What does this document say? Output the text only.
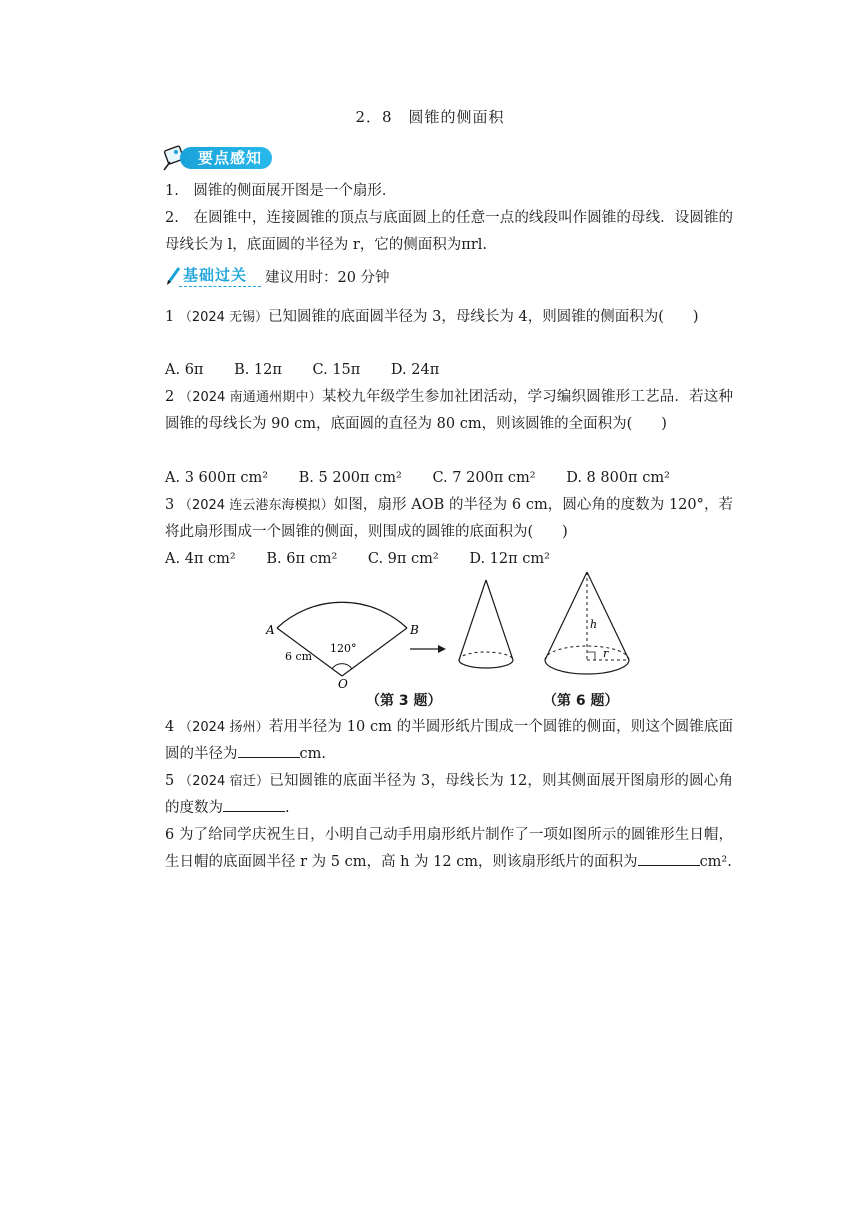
2．8　圆锥的侧面积
要点感知
1.　圆锥的侧面展开图是一个扇形．
2.　在圆锥中，连接圆锥的顶点与底面圆上的任意一点的线段叫作圆锥的母线．设圆锥的母线长为 l，底面圆的半径为 r，它的侧面积为πrl.
基础过关 建议用时：20 分钟
1 （2024 无锡）已知圆锥的底面圆半径为 3，母线长为 4，则圆锥的侧面积为(　　)
A. 6π B. 12π C. 15π D. 24π
2 （2024 南通通州期中）某校九年级学生参加社团活动，学习编织圆锥形工艺品．若这种圆锥的母线长为 90 cm，底面圆的直径为 80 cm，则该圆锥的全面积为(　　)
A. 3 600π cm² B. 5 200π cm² C. 7 200π cm² D. 8 800π cm²
3 （2024 连云港东海模拟）如图，扇形 AOB 的半径为 6 cm，圆心角的度数为 120°，若将此扇形围成一个圆锥的侧面，则围成的圆锥的底面积为(　　)
A. 4π cm² B. 6π cm² C. 9π cm² D. 12π cm²
A	B
O
120°
6 cm
h
r
（第 3 题）	（第 6 题）
4 （2024 扬州）若用半径为 10 cm 的半圆形纸片围成一个圆锥的侧面，则这个圆锥底面圆的半径为	cm.
5 （2024 宿迁）已知圆锥的底面半径为 3，母线长为 12，则其侧面展开图扇形的圆心角的度数为	.
6 为了给同学庆祝生日，小明自己动手用扇形纸片制作了一项如图所示的圆锥形生日帽，生日帽的底面圆半径 r 为 5 cm，高 h 为 12 cm，则该扇形纸片的面积为	cm².
